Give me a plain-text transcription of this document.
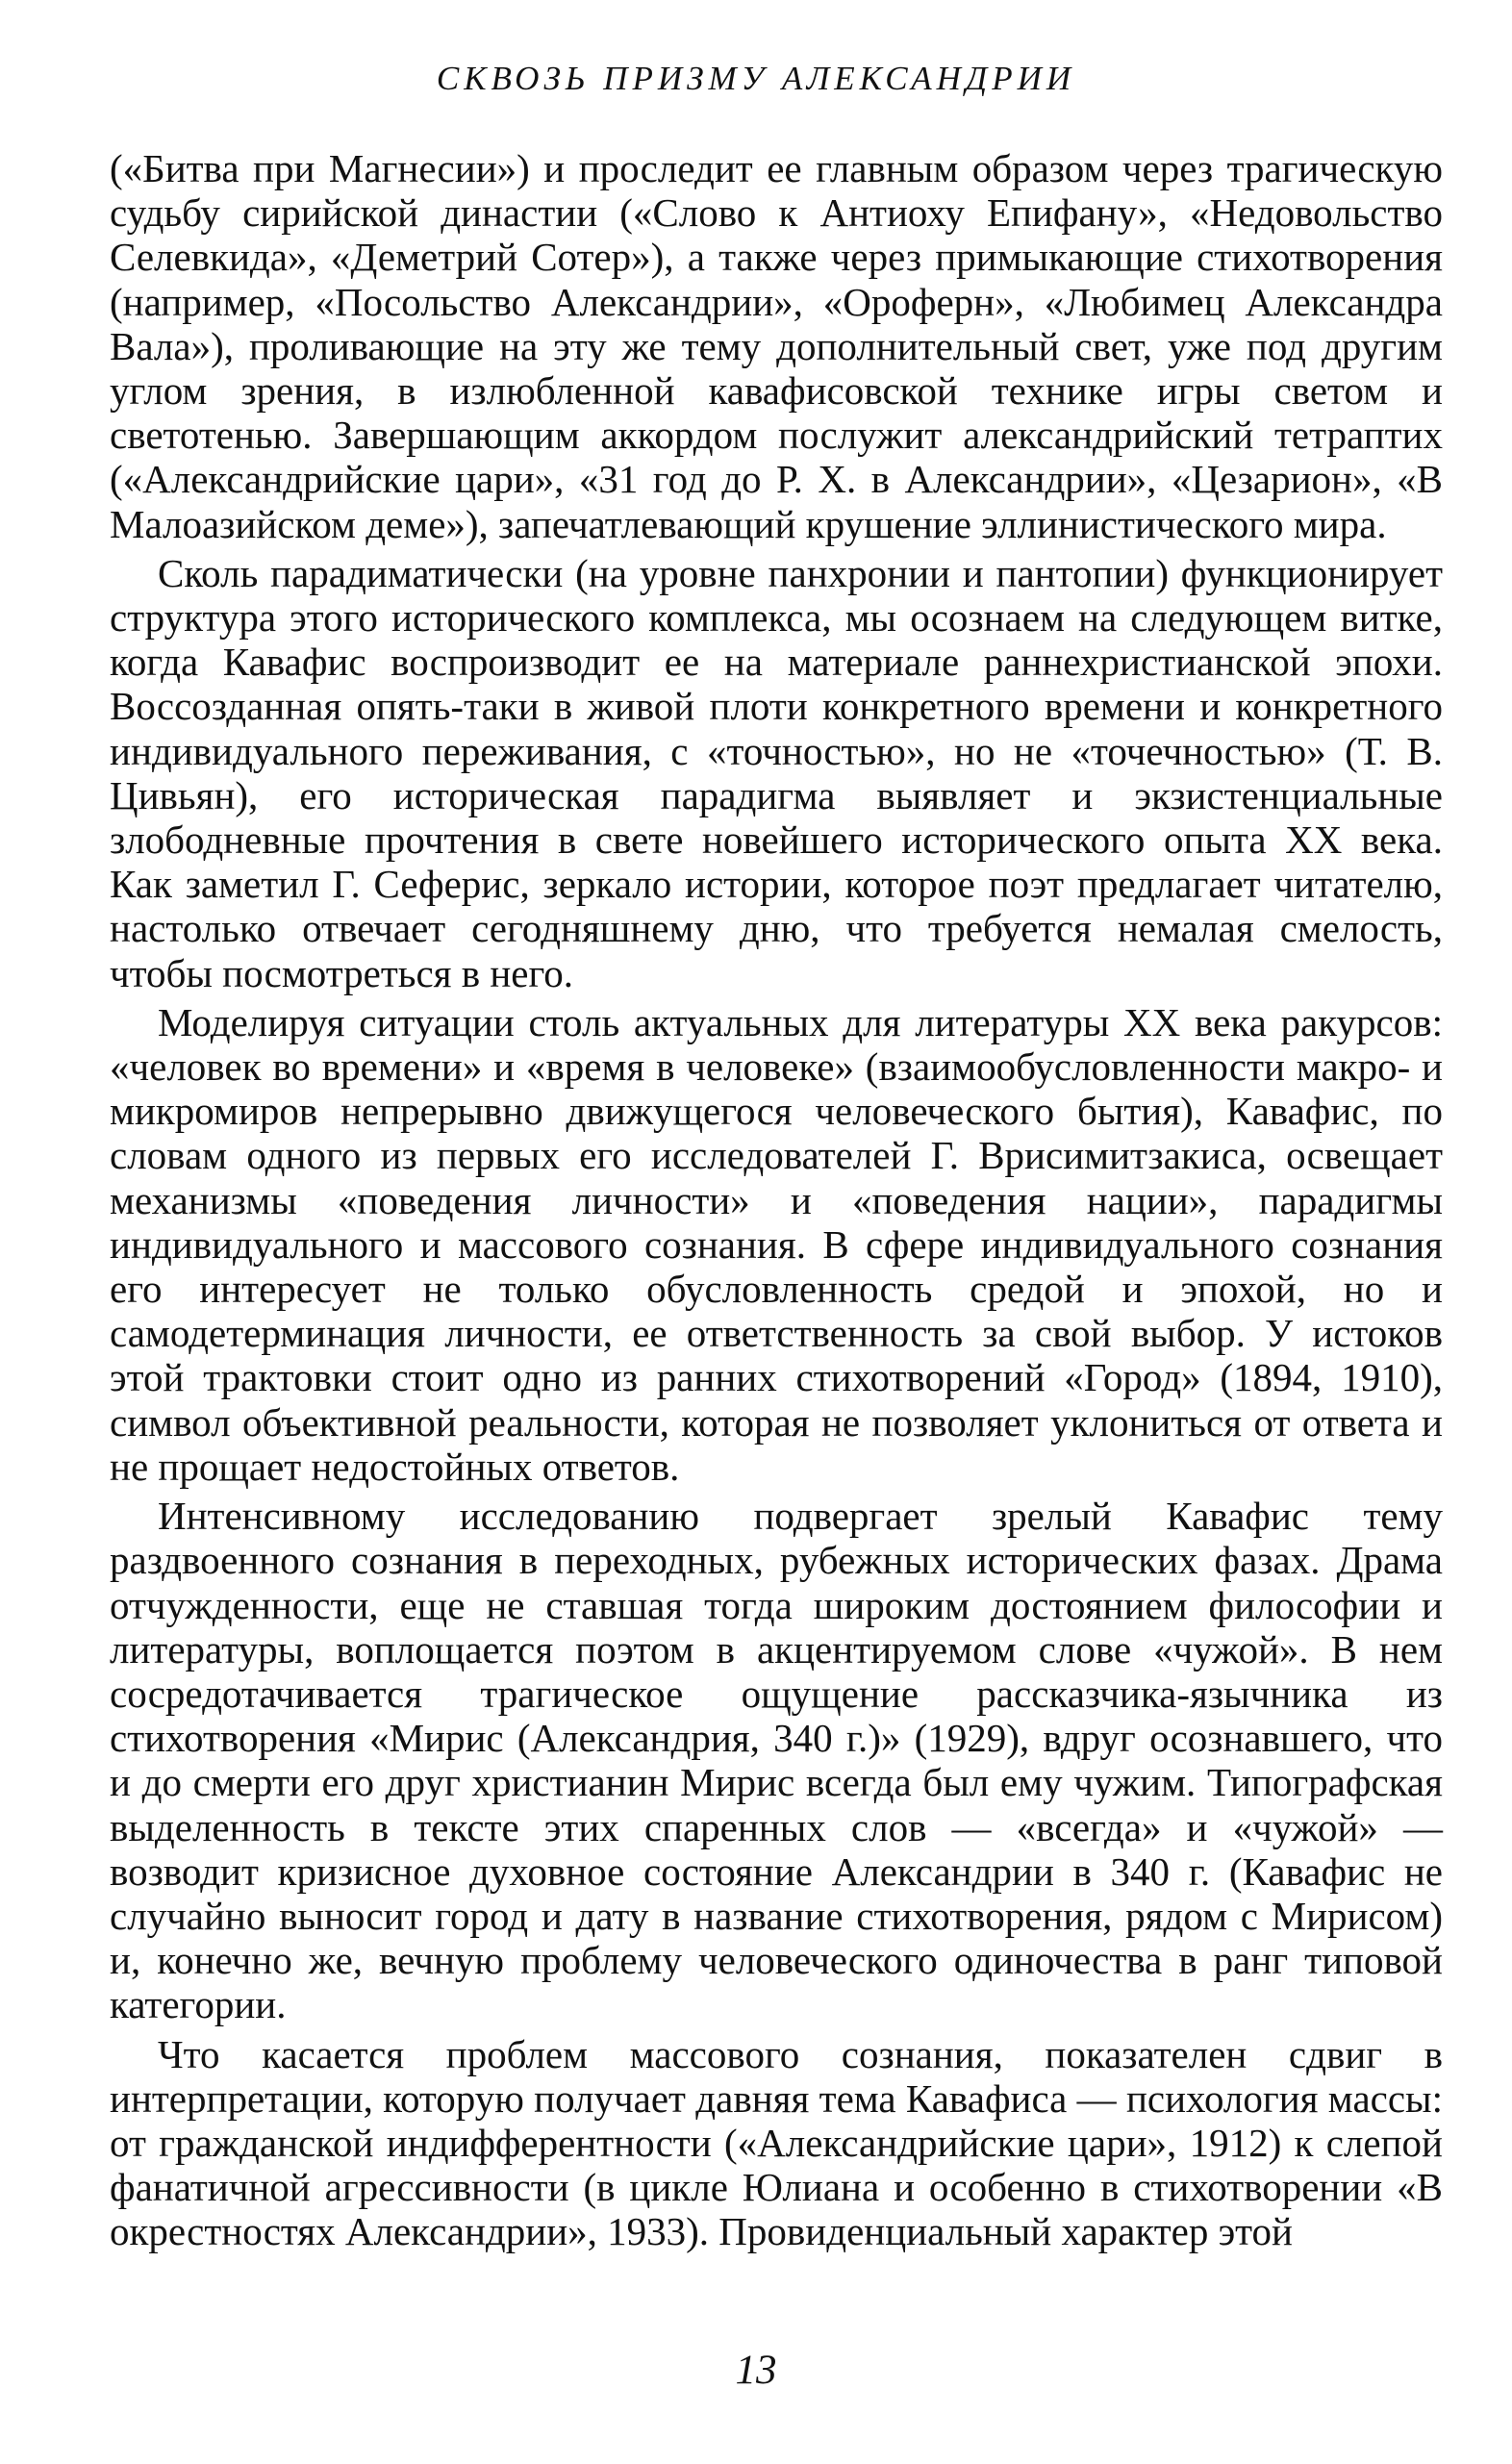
СКВОЗЬ ПРИЗМУ АЛЕКСАНДРИИ

(«Битва при Магнесии») и проследит ее главным образом через трагическую судьбу сирийской династии («Слово к Антиоху Епифану», «Недовольство Селевкида», «Деметрий Сотер»), а также через примыкающие стихотворения (например, «Посольство Александрии», «Ороферн», «Любимец Александра Вала»), проливающие на эту же тему дополнительный свет, уже под другим углом зрения, в излюбленной кавафисовской технике игры светом и светотенью. Завершающим аккордом послужит александрийский тетраптих («Александрийские цари», «31 год до Р. Х. в Александрии», «Цезарион», «В Малоазийском деме»), запечатлевающий крушение эллинистического мира.

Сколь парадиматически (на уровне панхронии и пантопии) функционирует структура этого исторического комплекса, мы осознаем на следующем витке, когда Кавафис воспроизводит ее на материале раннехристианской эпохи. Воссозданная опять-таки в живой плоти конкретного времени и конкретного индивидуального переживания, с «точностью», но не «точечностью» (Т. В. Цивьян), его историческая парадигма выявляет и экзистенциальные злободневные прочтения в свете новейшего исторического опыта XX века. Как заметил Г. Сеферис, зеркало истории, которое поэт предлагает читателю, настолько отвечает сегодняшнему дню, что требуется немалая смелость, чтобы посмотреться в него.

Моделируя ситуации столь актуальных для литературы XX века ракурсов: «человек во времени» и «время в человеке» (взаимообусловленности макро- и микромиров непрерывно движущегося человеческого бытия), Кавафис, по словам одного из первых его исследователей Г. Врисимитзакиса, освещает механизмы «поведения личности» и «поведения нации», парадигмы индивидуального и массового сознания. В сфере индивидуального сознания его интересует не только обусловленность средой и эпохой, но и самодетерминация личности, ее ответственность за свой выбор. У истоков этой трактовки стоит одно из ранних стихотворений «Город» (1894, 1910), символ объективной реальности, которая не позволяет уклониться от ответа и не прощает недостойных ответов.

Интенсивному исследованию подвергает зрелый Кавафис тему раздвоенного сознания в переходных, рубежных исторических фазах. Драма отчужденности, еще не ставшая тогда широким достоянием философии и литературы, воплощается поэтом в акцентируемом слове «чужой». В нем сосредотачивается трагическое ощущение рассказчика-язычника из стихотворения «Мирис (Александрия, 340 г.)» (1929), вдруг осознавшего, что и до смерти его друг христианин Мирис всегда был ему чужим. Типографская выделенность в тексте этих спаренных слов — «всегда» и «чужой» — возводит кризисное духовное состояние Александрии в 340 г. (Кавафис не случайно выносит город и дату в название стихотворения, рядом с Мирисом) и, конечно же, вечную проблему человеческого одиночества в ранг типовой категории.

Что касается проблем массового сознания, показателен сдвиг в интерпретации, которую получает давняя тема Кавафиса — психология массы: от гражданской индифферентности («Александрийские цари», 1912) к слепой фанатичной агрессивности (в цикле Юлиана и особенно в стихотворении «В окрестностях Александрии», 1933). Провиденциальный характер этой

13
